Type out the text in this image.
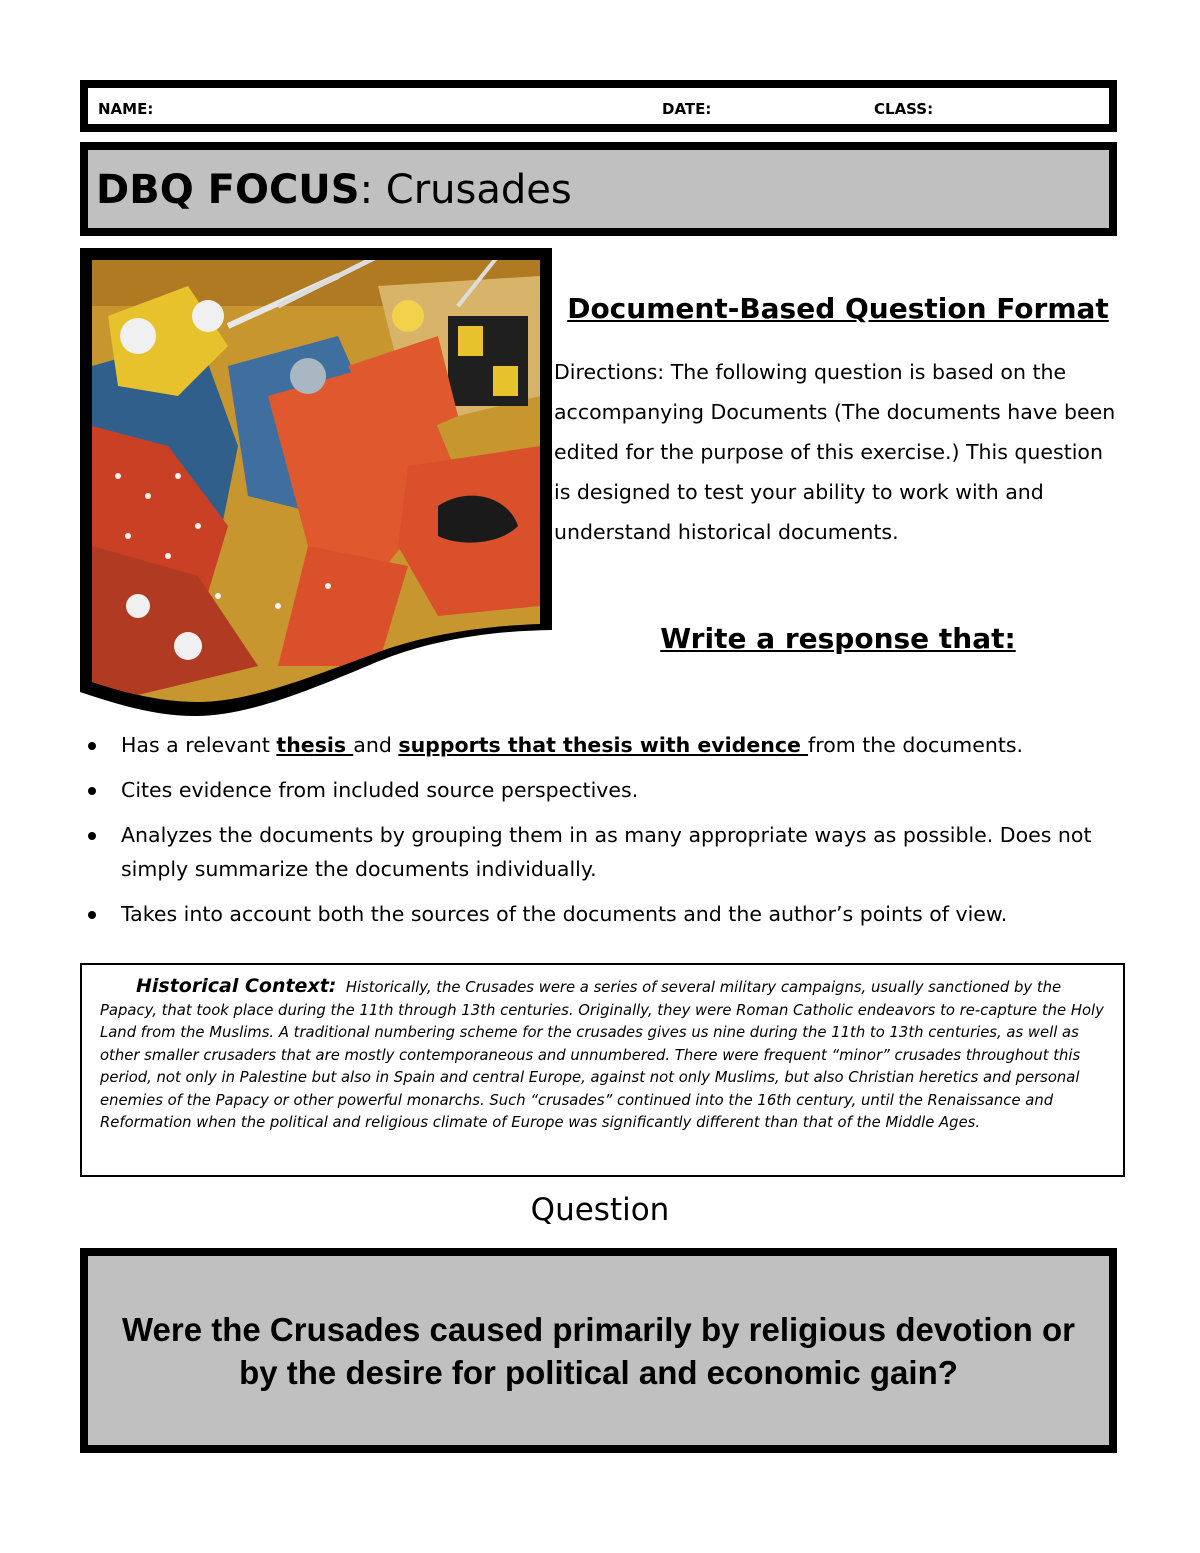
NAME:	DATE:	CLASS:
DBQ FOCUS: Crusades
Document-Based Question Format
Directions: The following question is based on the accompanying Documents (The documents have been edited for the purpose of this exercise.) This question is designed to test your ability to work with and understand historical documents.
Write a response that:
Has a relevant thesis and supports that thesis with evidence from the documents.
Cites evidence from included source perspectives.
Analyzes the documents by grouping them in as many appropriate ways as possible. Does not simply summarize the documents individually.
Takes into account both the sources of the documents and the author’s points of view.
Historical Context: Historically, the Crusades were a series of several military campaigns, usually sanctioned by the Papacy, that took place during the 11th through 13th centuries. Originally, they were Roman Catholic endeavors to re-capture the Holy Land from the Muslims. A traditional numbering scheme for the crusades gives us nine during the 11th to 13th centuries, as well as other smaller crusaders that are mostly contemporaneous and unnumbered. There were frequent “minor” crusades throughout this period, not only in Palestine but also in Spain and central Europe, against not only Muslims, but also Christian heretics and personal enemies of the Papacy or other powerful monarchs. Such “crusades” continued into the 16th century, until the Renaissance and Reformation when the political and religious climate of Europe was significantly different than that of the Middle Ages.
Question
Were the Crusades caused primarily by religious devotion or by the desire for political and economic gain?
